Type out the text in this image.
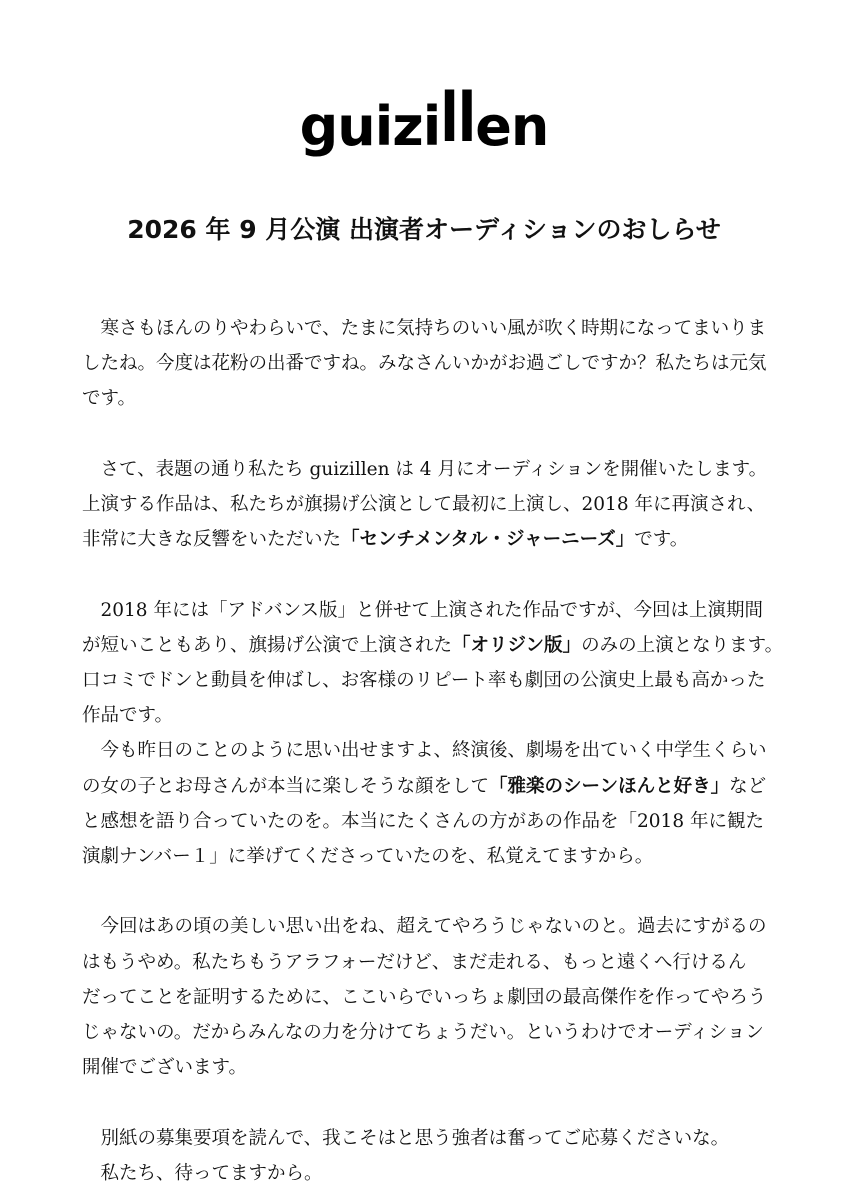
guizillen
2026 年 9 月公演 出演者オーディションのおしらせ
　寒さもほんのりやわらいで、たまに気持ちのいい風が吹く時期になってまいりま
したね。今度は花粉の出番ですね。みなさんいかがお過ごしですか？私たちは元気
です。
　さて、表題の通り私たち guizillen は 4 月にオーディションを開催いたします。
上演する作品は、私たちが旗揚げ公演として最初に上演し、2018 年に再演され、
非常に大きな反響をいただいた「センチメンタル・ジャーニーズ」です。
　2018 年には「アドバンス版」と併せて上演された作品ですが、今回は上演期間
が短いこともあり、旗揚げ公演で上演された「オリジン版」のみの上演となります。
口コミでドンと動員を伸ばし、お客様のリピート率も劇団の公演史上最も高かった
作品です。
　今も昨日のことのように思い出せますよ、終演後、劇場を出ていく中学生くらい
の女の子とお母さんが本当に楽しそうな顔をして「雅楽のシーンほんと好き」など
と感想を語り合っていたのを。本当にたくさんの方があの作品を「2018 年に観た
演劇ナンバー１」に挙げてくださっていたのを、私覚えてますから。
　今回はあの頃の美しい思い出をね、超えてやろうじゃないのと。過去にすがるの
はもうやめ。私たちもうアラフォーだけど、まだ走れる、もっと遠くへ行けるん
だってことを証明するために、ここいらでいっちょ劇団の最高傑作を作ってやろう
じゃないの。だからみんなの力を分けてちょうだい。というわけでオーディション
開催でございます。
　別紙の募集要項を読んで、我こそはと思う強者は奮ってご応募くださいな。
　私たち、待ってますから。
